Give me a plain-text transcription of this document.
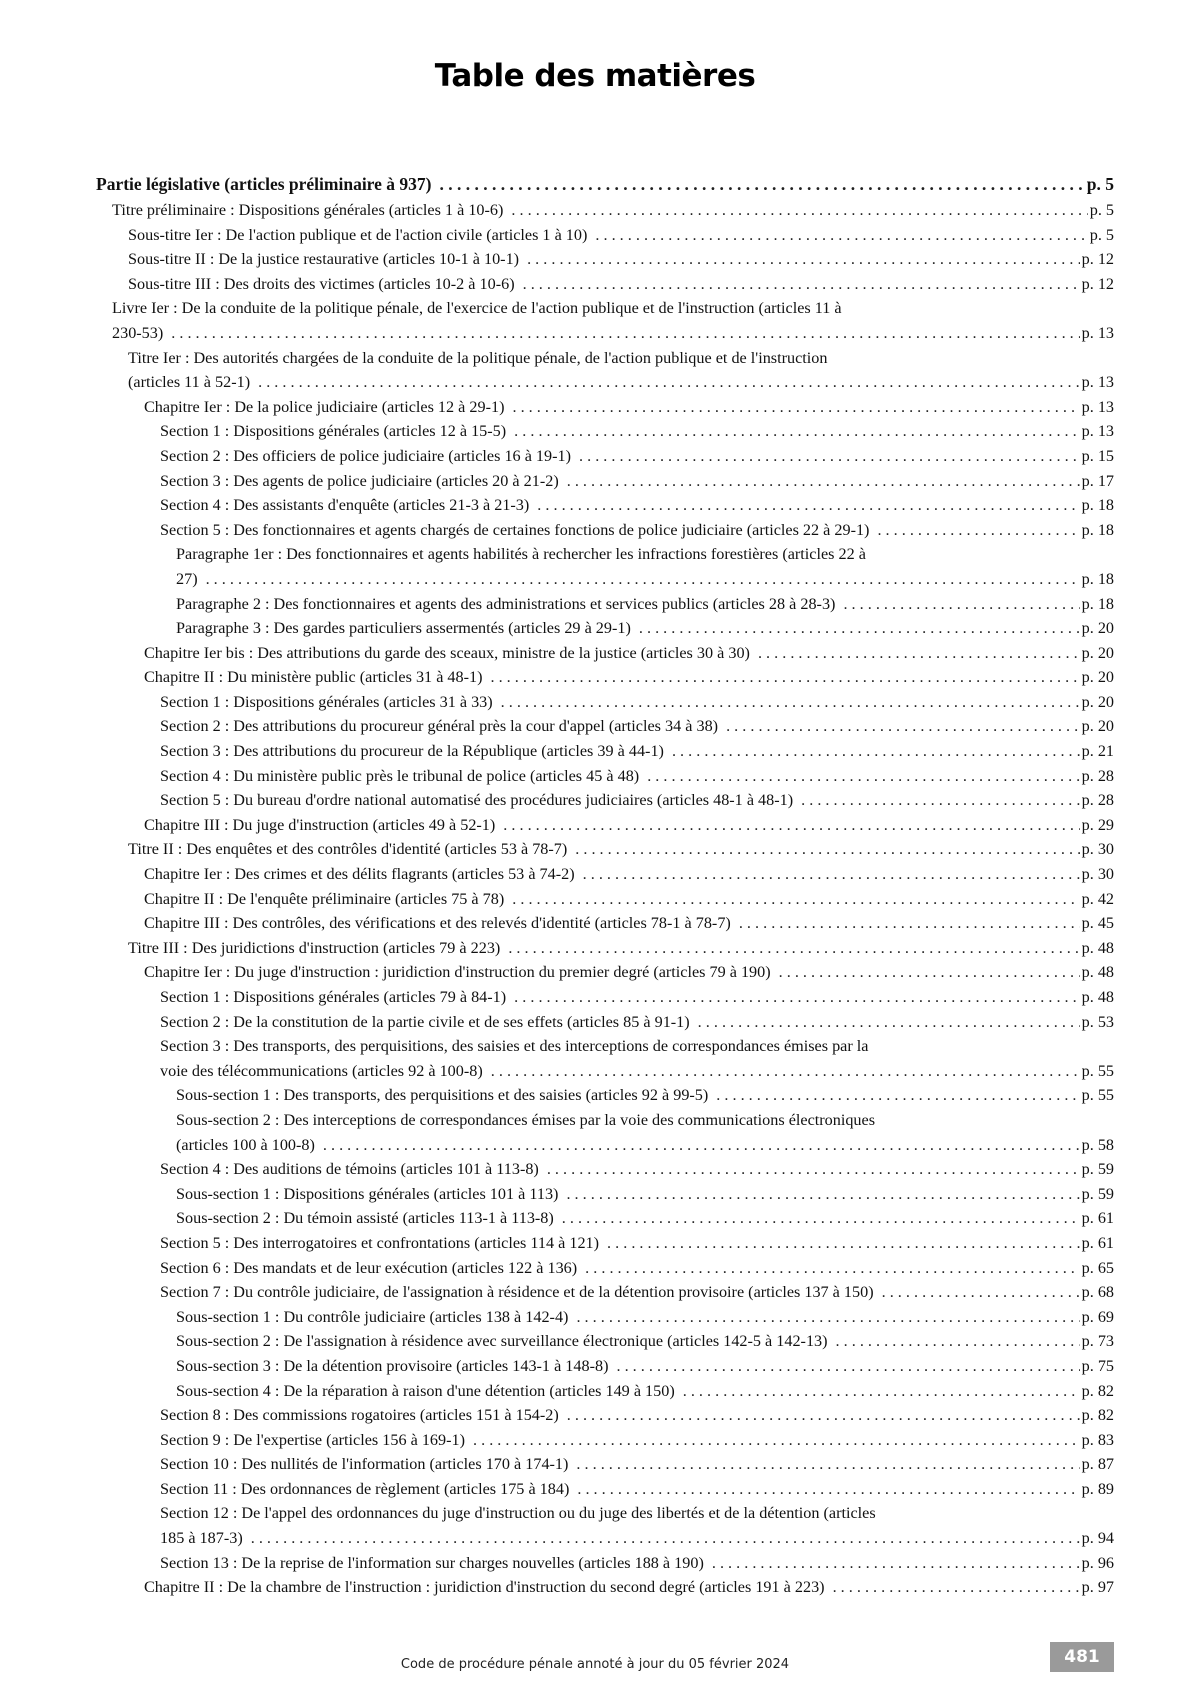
Table des matières
Partie législative (articles préliminaire à 937) . . .	p. 5
Titre préliminaire : Dispositions générales (articles 1 à 10-6) . . .	p. 5
Sous-titre Ier : De l'action publique et de l'action civile (articles 1 à 10) . . .	p. 5
Sous-titre II : De la justice restaurative (articles 10-1 à 10-1) . . .	p. 12
Sous-titre III : Des droits des victimes (articles 10-2 à 10-6) . . .	p. 12
Livre Ier : De la conduite de la politique pénale, de l'exercice de l'action publique et de l'instruction (articles 11 à
230-53) . . .	p. 13
Titre Ier : Des autorités chargées de la conduite de la politique pénale, de l'action publique et de l'instruction
(articles 11 à 52-1) . . .	p. 13
Chapitre Ier : De la police judiciaire (articles 12 à 29-1) . . .	p. 13
Section 1 : Dispositions générales (articles 12 à 15-5) . . .	p. 13
Section 2 : Des officiers de police judiciaire (articles 16 à 19-1) . . .	p. 15
Section 3 : Des agents de police judiciaire (articles 20 à 21-2) . . .	p. 17
Section 4 : Des assistants d'enquête (articles 21-3 à 21-3) . . .	p. 18
Section 5 : Des fonctionnaires et agents chargés de certaines fonctions de police judiciaire (articles 22 à 29-1) . . .	p. 18
Paragraphe 1er : Des fonctionnaires et agents habilités à rechercher les infractions forestières (articles 22 à
27) . . .	p. 18
Paragraphe 2 : Des fonctionnaires et agents des administrations et services publics (articles 28 à 28-3) . . .	p. 18
Paragraphe 3 : Des gardes particuliers assermentés (articles 29 à 29-1) . . .	p. 20
Chapitre Ier bis : Des attributions du garde des sceaux, ministre de la justice (articles 30 à 30) . . .	p. 20
Chapitre II : Du ministère public (articles 31 à 48-1) . . .	p. 20
Section 1 : Dispositions générales (articles 31 à 33) . . .	p. 20
Section 2 : Des attributions du procureur général près la cour d'appel (articles 34 à 38) . . .	p. 20
Section 3 : Des attributions du procureur de la République (articles 39 à 44-1) . . .	p. 21
Section 4 : Du ministère public près le tribunal de police (articles 45 à 48) . . .	p. 28
Section 5 : Du bureau d'ordre national automatisé des procédures judiciaires (articles 48-1 à 48-1) . . .	p. 28
Chapitre III : Du juge d'instruction (articles 49 à 52-1) . . .	p. 29
Titre II : Des enquêtes et des contrôles d'identité (articles 53 à 78-7) . . .	p. 30
Chapitre Ier : Des crimes et des délits flagrants (articles 53 à 74-2) . . .	p. 30
Chapitre II : De l'enquête préliminaire (articles 75 à 78) . . .	p. 42
Chapitre III : Des contrôles, des vérifications et des relevés d'identité (articles 78-1 à 78-7) . . .	p. 45
Titre III : Des juridictions d'instruction (articles 79 à 223) . . .	p. 48
Chapitre Ier : Du juge d'instruction : juridiction d'instruction du premier degré (articles 79 à 190) . . .	p. 48
Section 1 : Dispositions générales (articles 79 à 84-1) . . .	p. 48
Section 2 : De la constitution de la partie civile et de ses effets (articles 85 à 91-1) . . .	p. 53
Section 3 : Des transports, des perquisitions, des saisies et des interceptions de correspondances émises par la
voie des télécommunications (articles 92 à 100-8) . . .	p. 55
Sous-section 1 : Des transports, des perquisitions et des saisies (articles 92 à 99-5) . . .	p. 55
Sous-section 2 : Des interceptions de correspondances émises par la voie des communications électroniques
(articles 100 à 100-8) . . .	p. 58
Section 4 : Des auditions de témoins (articles 101 à 113-8) . . .	p. 59
Sous-section 1 : Dispositions générales (articles 101 à 113) . . .	p. 59
Sous-section 2 : Du témoin assisté (articles 113-1 à 113-8) . . .	p. 61
Section 5 : Des interrogatoires et confrontations (articles 114 à 121) . . .	p. 61
Section 6 : Des mandats et de leur exécution (articles 122 à 136) . . .	p. 65
Section 7 : Du contrôle judiciaire, de l'assignation à résidence et de la détention provisoire (articles 137 à 150) . . .	p. 68
Sous-section 1 : Du contrôle judiciaire (articles 138 à 142-4) . . .	p. 69
Sous-section 2 : De l'assignation à résidence avec surveillance électronique (articles 142-5 à 142-13) . . .	p. 73
Sous-section 3 : De la détention provisoire (articles 143-1 à 148-8) . . .	p. 75
Sous-section 4 : De la réparation à raison d'une détention (articles 149 à 150) . . .	p. 82
Section 8 : Des commissions rogatoires (articles 151 à 154-2) . . .	p. 82
Section 9 : De l'expertise (articles 156 à 169-1) . . .	p. 83
Section 10 : Des nullités de l'information (articles 170 à 174-1) . . .	p. 87
Section 11 : Des ordonnances de règlement (articles 175 à 184) . . .	p. 89
Section 12 : De l'appel des ordonnances du juge d'instruction ou du juge des libertés et de la détention (articles
185 à 187-3) . . .	p. 94
Section 13 : De la reprise de l'information sur charges nouvelles (articles 188 à 190) . . .	p. 96
Chapitre II : De la chambre de l'instruction : juridiction d'instruction du second degré (articles 191 à 223) . . .	p. 97
Code de procédure pénale annoté à jour du 05 février 2024	481
